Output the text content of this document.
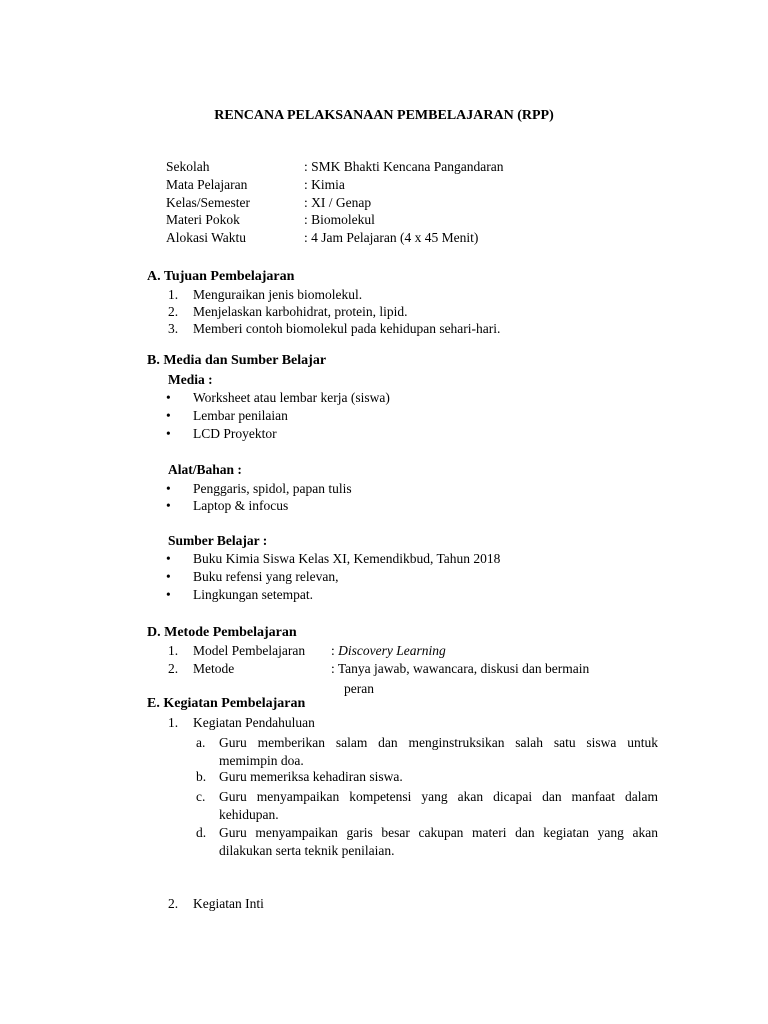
RENCANA PELAKSANAAN PEMBELAJARAN (RPP)
Sekolah	: SMK Bhakti Kencana Pangandaran
Mata Pelajaran	: Kimia
Kelas/Semester	: XI / Genap
Materi Pokok	: Biomolekul
Alokasi Waktu	: 4 Jam Pelajaran (4 x 45 Menit)
A. Tujuan Pembelajaran
1. Menguraikan jenis biomolekul.
2. Menjelaskan karbohidrat, protein, lipid.
3. Memberi contoh biomolekul pada kehidupan sehari-hari.
B. Media dan Sumber Belajar
Media :
• Worksheet atau lembar kerja (siswa)
• Lembar penilaian
• LCD Proyektor
Alat/Bahan :
• Penggaris, spidol, papan tulis
• Laptop & infocus
Sumber Belajar :
• Buku Kimia Siswa Kelas XI, Kemendikbud, Tahun 2018
• Buku refensi yang relevan,
• Lingkungan setempat.
D. Metode Pembelajaran
1. Model Pembelajaran : Discovery Learning
2. Metode	: Tanya jawab, wawancara, diskusi dan bermain
peran
E. Kegiatan Pembelajaran
1. Kegiatan Pendahuluan
a. Guru memberikan salam dan menginstruksikan salah satu siswa untuk memimpin doa.
b. Guru memeriksa kehadiran siswa.
c. Guru menyampaikan kompetensi yang akan dicapai dan manfaat dalam kehidupan.
d. Guru menyampaikan garis besar cakupan materi dan kegiatan yang akan dilakukan serta teknik penilaian.
2. Kegiatan Inti
